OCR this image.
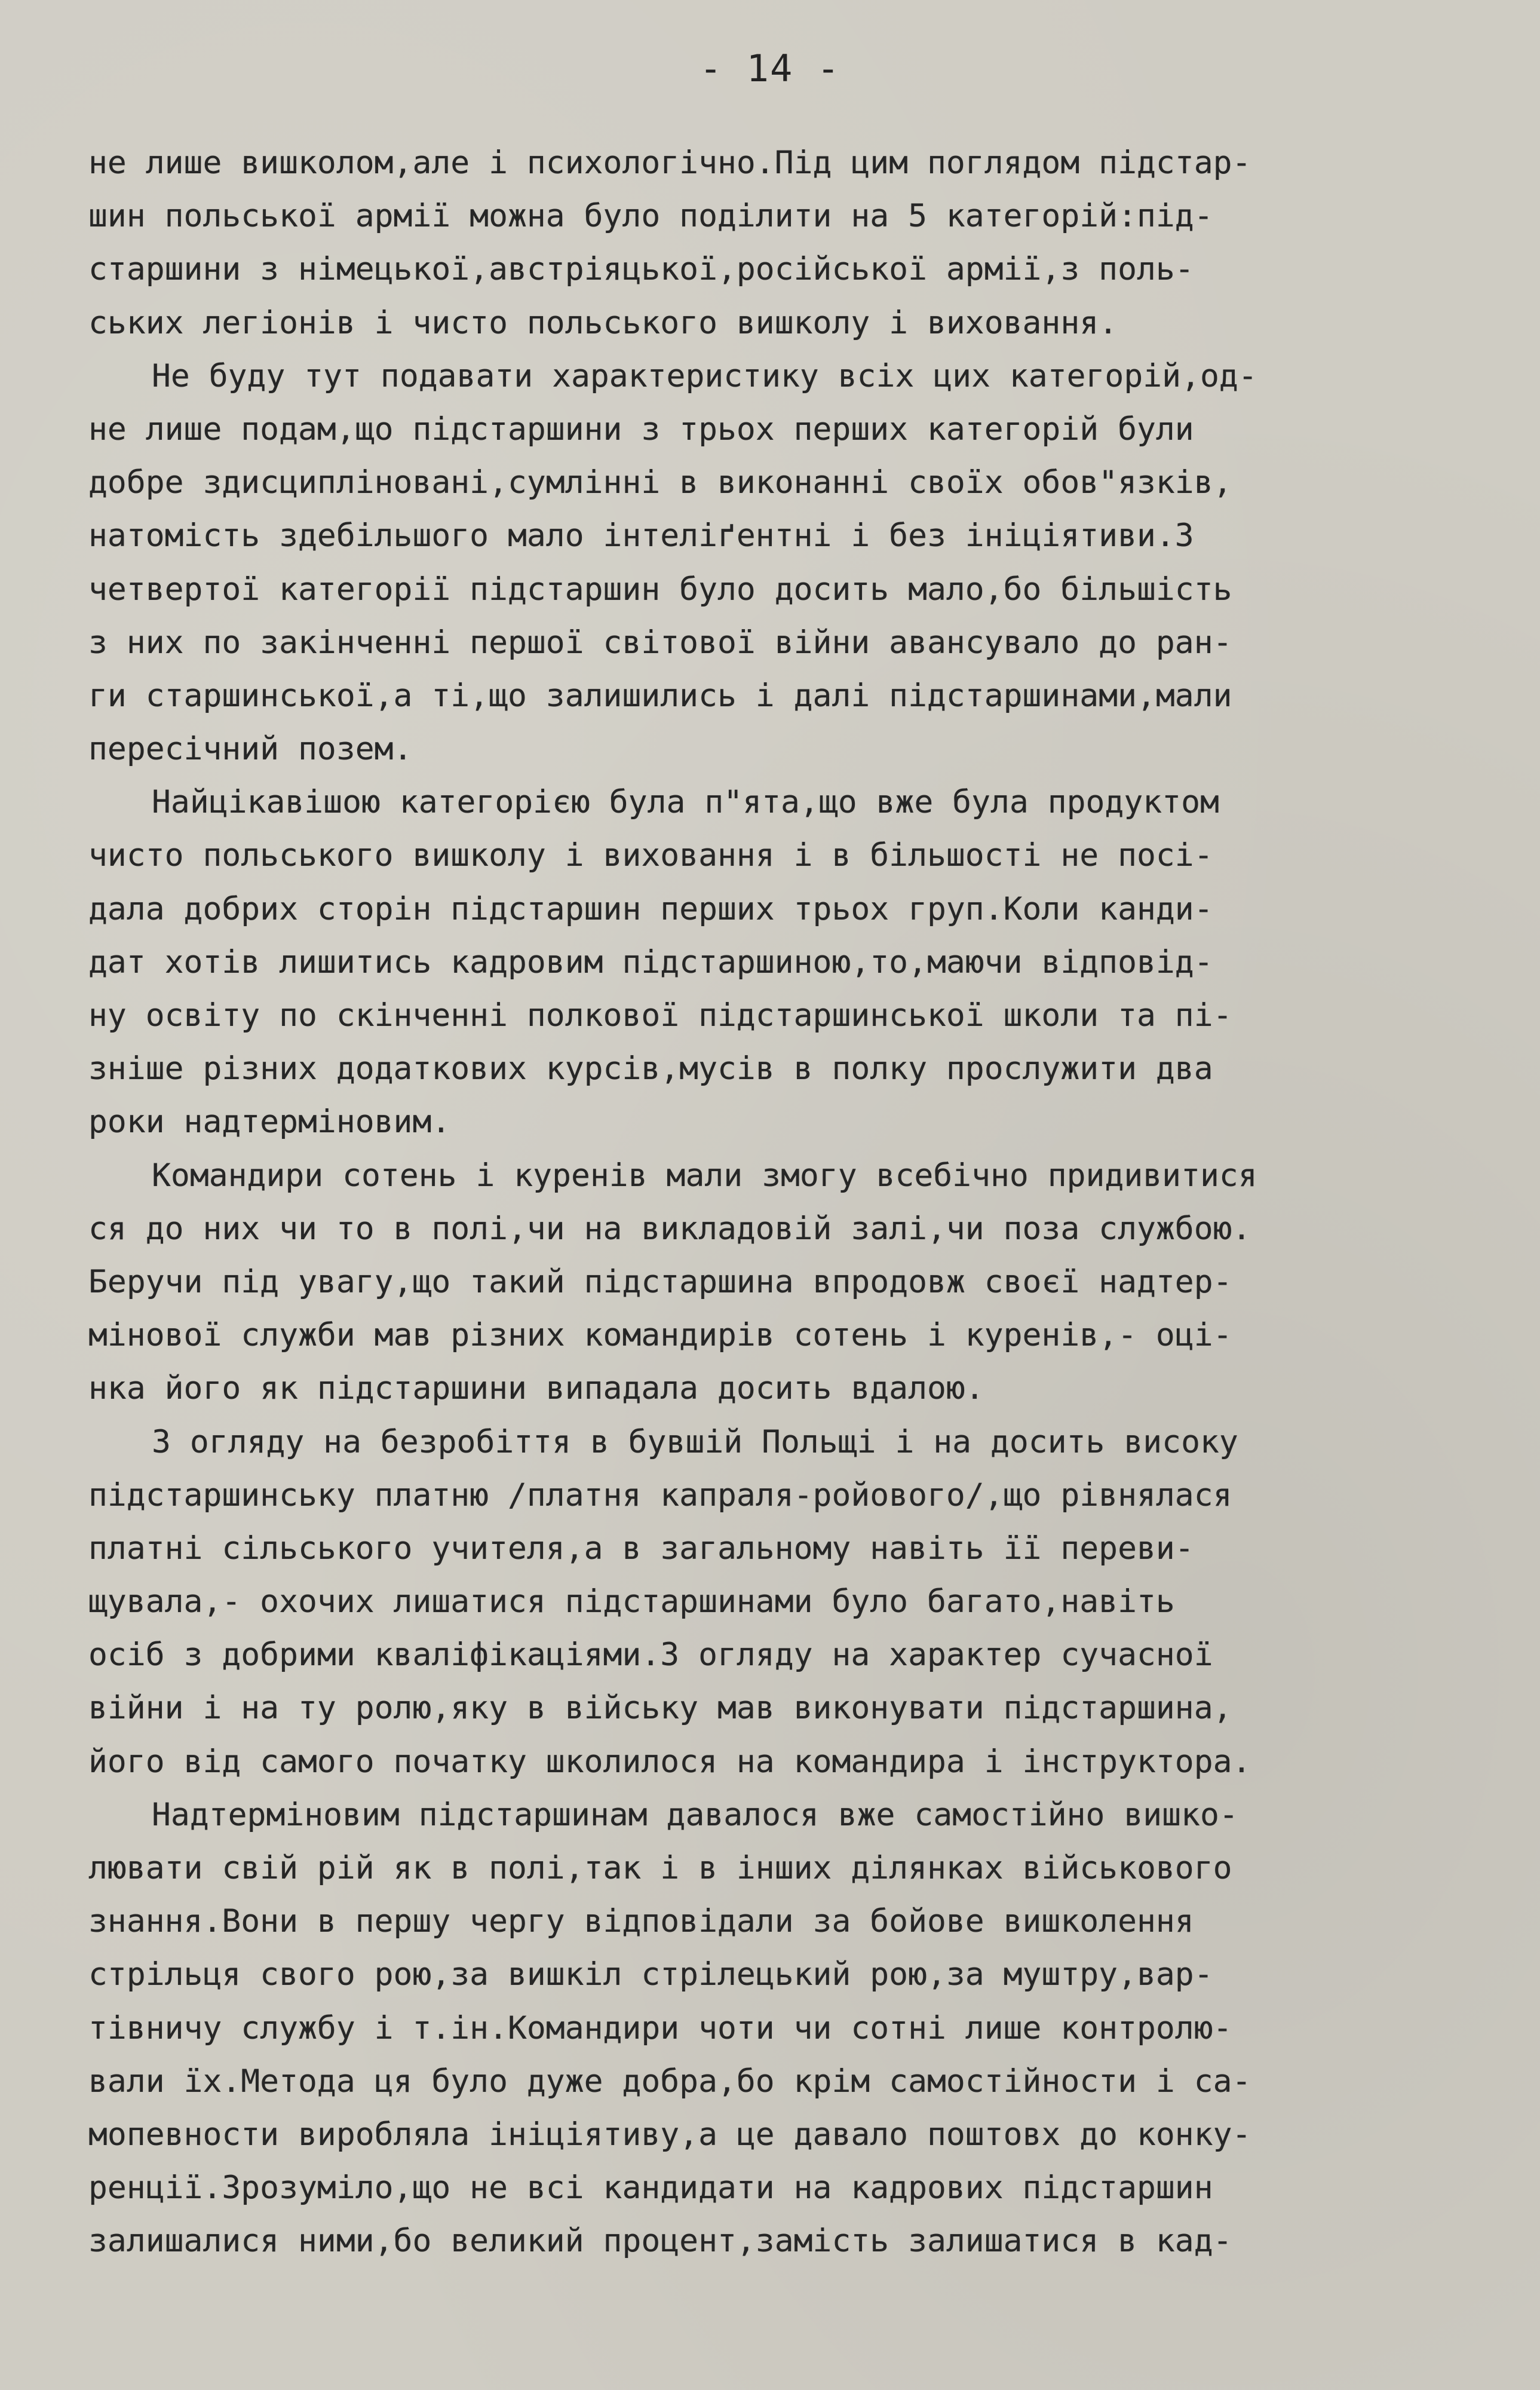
- 14 -
не лише вишколом,але і психологічно.Під цим поглядом підстар-
шин польської армії можна було поділити на 5 категорій:під-
старшини з німецької,австріяцької,російської армії,з поль-
ських легіонів і чисто польського вишколу і виховання.
Не буду тут подавати характеристику всіх цих категорій,од-
не лише подам,що підстаршини з трьох перших категорій були
добре здисципліновані,сумлінні в виконанні своїх обов"язків,
натомість здебільшого мало інтеліґентні і без ініціятиви.З
четвертої категорії підстаршин було досить мало,бо більшість
з них по закінченні першої світової війни авансувало до ран-
ги старшинської,а ті,що залишились і далі підстаршинами,мали
пересічний позем.
Найцікавішою категорією була п"ята,що вже була продуктом
чисто польського вишколу і виховання і в більшості не посі-
дала добрих сторін підстаршин перших трьох груп.Коли канди-
дат хотів лишитись кадровим підстаршиною,то,маючи відповід-
ну освіту по скінченні полкової підстаршинської школи та пі-
зніше різних додаткових курсів,мусів в полку прослужити два
роки надтерміновим.
Командири сотень і куренів мали змогу всебічно придивитися
ся до них чи то в полі,чи на викладовій залі,чи поза службою.
Беручи під увагу,що такий підстаршина впродовж своєї надтер-
мінової служби мав різних командирів сотень і куренів,- оці-
нка його як підстаршини випадала досить вдалою.
З огляду на безробіття в бувшій Польщі і на досить високу
підстаршинську платню /платня капраля-ройового/,що рівнялася
платні сільського учителя,а в загальному навіть її переви-
щувала,- охочих лишатися підстаршинами було багато,навіть
осіб з добрими кваліфікаціями.З огляду на характер сучасної
війни і на ту ролю,яку в війську мав виконувати підстаршина,
його від самого початку школилося на командира і інструктора.
Надтерміновим підстаршинам давалося вже самостійно вишко-
лювати свій рій як в полі,так і в інших ділянках військового
знання.Вони в першу чергу відповідали за бойове вишколення
стрільця свого рою,за вишкіл стрілецький рою,за муштру,вар-
тівничу службу і т.ін.Командири чоти чи сотні лише контролю-
вали їх.Метода ця було дуже добра,бо крім самостійности і са-
мопевности виробляла ініціятиву,а це давало поштовх до конку-
ренції.Зрозуміло,що не всі кандидати на кадрових підстаршин
залишалися ними,бо великий процент,замість залишатися в кад-
